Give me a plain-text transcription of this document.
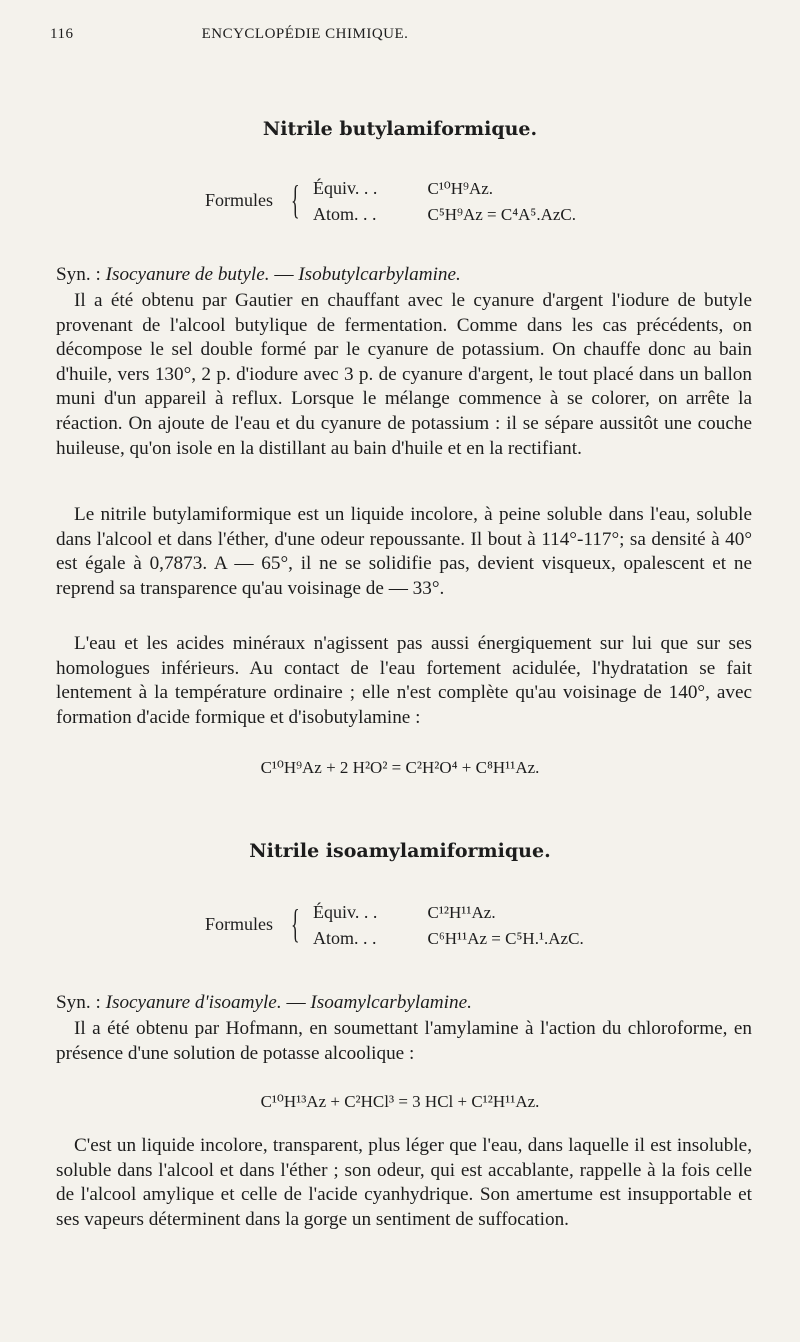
116	ENCYCLOPÉDIE CHIMIQUE.
Nitrile butylamiformique.
Formules { Équiv. . .	C¹⁰H⁹Az.
Atom. . .	C⁵H⁹Az = C⁴A⁵.AzC.
Syn. : Isocyanure de butyle. — Isobutylcarbylamine.
Il a été obtenu par Gautier en chauffant avec le cyanure d'argent l'iodure de butyle provenant de l'alcool butylique de fermentation. Comme dans les cas précédents, on décompose le sel double formé par le cyanure de potassium. On chauffe donc au bain d'huile, vers 130°, 2 p. d'iodure avec 3 p. de cyanure d'argent, le tout placé dans un ballon muni d'un appareil à reflux. Lorsque le mélange commence à se colorer, on arrête la réaction. On ajoute de l'eau et du cyanure de potassium : il se sépare aussitôt une couche huileuse, qu'on isole en la distillant au bain d'huile et en la rectifiant.
Le nitrile butylamiformique est un liquide incolore, à peine soluble dans l'eau, soluble dans l'alcool et dans l'éther, d'une odeur repoussante. Il bout à 114°-117°; sa densité à 40° est égale à 0,7873. A — 65°, il ne se solidifie pas, devient visqueux, opalescent et ne reprend sa transparence qu'au voisinage de — 33°.
L'eau et les acides minéraux n'agissent pas aussi énergiquement sur lui que sur ses homologues inférieurs. Au contact de l'eau fortement acidulée, l'hydratation se fait lentement à la température ordinaire ; elle n'est complète qu'au voisinage de 140°, avec formation d'acide formique et d'isobutylamine :
C¹⁰H⁹Az + 2 H²O² = C²H²O⁴ + C⁸H¹¹Az.
Nitrile isoamylamiformique.
Formules { Équiv. . .	C¹²H¹¹Az.
Atom. . .	C⁶H¹¹Az = C⁵H.¹.AzC.
Syn. : Isocyanure d'isoamyle. — Isoamylcarbylamine.
Il a été obtenu par Hofmann, en soumettant l'amylamine à l'action du chloroforme, en présence d'une solution de potasse alcoolique :
C¹⁰H¹³Az + C²HCl³ = 3 HCl + C¹²H¹¹Az.
C'est un liquide incolore, transparent, plus léger que l'eau, dans laquelle il est insoluble, soluble dans l'alcool et dans l'éther ; son odeur, qui est accablante, rappelle à la fois celle de l'alcool amylique et celle de l'acide cyanhydrique. Son amertume est insupportable et ses vapeurs déterminent dans la gorge un sentiment de suffocation.
